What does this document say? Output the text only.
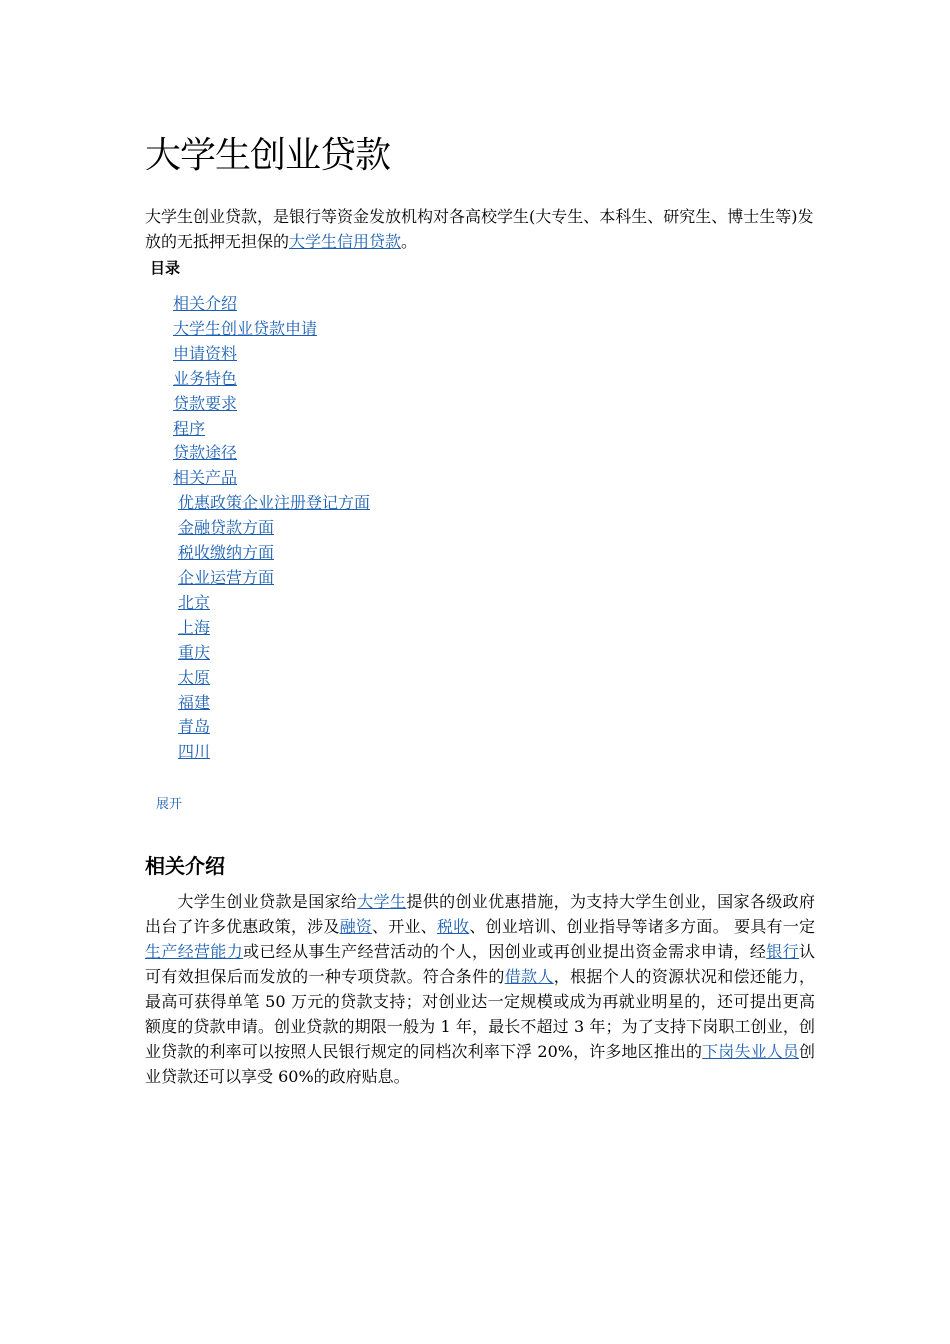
大学生创业贷款

大学生创业贷款，是银行等资金发放机构对各高校学生(大专生、本科生、研究生、博士生等)发放的无抵押无担保的大学生信用贷款。

目录
相关介绍
大学生创业贷款申请
申请资料
业务特色
贷款要求
程序
贷款途径
相关产品
优惠政策企业注册登记方面
金融贷款方面
税收缴纳方面
企业运营方面
北京
上海
重庆
太原
福建
青岛
四川
展开
相关介绍

  大学生创业贷款是国家给大学生提供的创业优惠措施，为支持大学生创业，国家各级政府出台了许多优惠政策，涉及融资、开业、税收、创业培训、创业指导等诸多方面。 要具有一定生产经营能力或已经从事生产经营活动的个人，因创业或再创业提出资金需求申请，经银行认可有效担保后而发放的一种专项贷款。符合条件的借款人，根据个人的资源状况和偿还能力，最高可获得单笔 50 万元的贷款支持；对创业达一定规模或成为再就业明星的，还可提出更高额度的贷款申请。创业贷款的期限一般为 1 年，最长不超过 3 年；为了支持下岗职工创业，创业贷款的利率可以按照人民银行规定的同档次利率下浮 20%，许多地区推出的下岗失业人员创业贷款还可以享受 60%的政府贴息。
